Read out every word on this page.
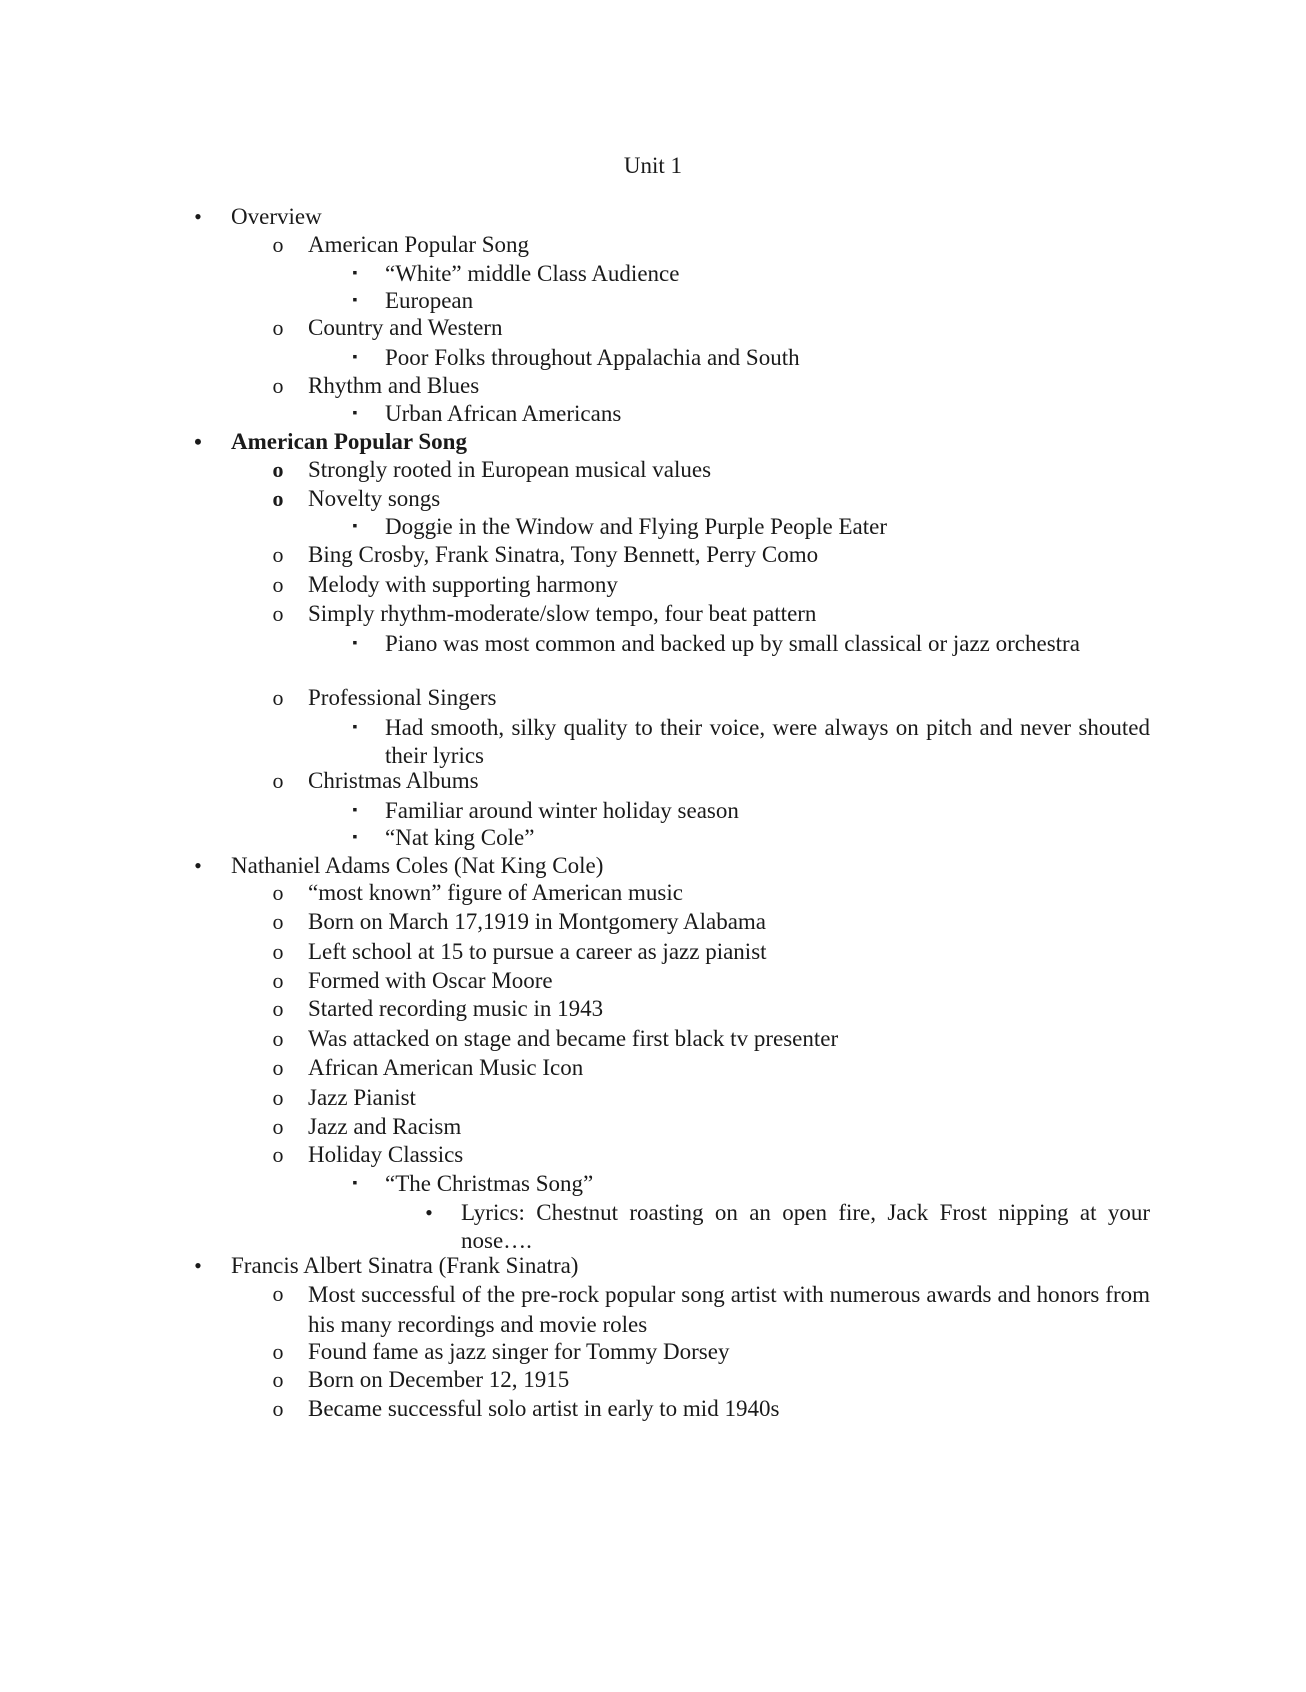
Unit 1
• Overview
o American Popular Song
▪ “White” middle Class Audience
▪ European
o Country and Western
▪ Poor Folks throughout Appalachia and South
o Rhythm and Blues
▪ Urban African Americans
• American Popular Song
o Strongly rooted in European musical values
o Novelty songs
▪ Doggie in the Window and Flying Purple People Eater
o Bing Crosby, Frank Sinatra, Tony Bennett, Perry Como
o Melody with supporting harmony
o Simply rhythm-moderate/slow tempo, four beat pattern
▪ Piano was most common and backed up by small classical or jazz orchestra
o Professional Singers
▪ Had smooth, silky quality to their voice, were always on pitch and never shouted their lyrics
o Christmas Albums
▪ Familiar around winter holiday season
▪ “Nat king Cole”
• Nathaniel Adams Coles (Nat King Cole)
o “most known” figure of American music
o Born on March 17,1919 in Montgomery Alabama
o Left school at 15 to pursue a career as jazz pianist
o Formed with Oscar Moore
o Started recording music in 1943
o Was attacked on stage and became first black tv presenter
o African American Music Icon
o Jazz Pianist
o Jazz and Racism
o Holiday Classics
▪ “The Christmas Song”
• Lyrics: Chestnut roasting on an open fire, Jack Frost nipping at your nose….
• Francis Albert Sinatra (Frank Sinatra)
o Most successful of the pre-rock popular song artist with numerous awards and honors from his many recordings and movie roles
o Found fame as jazz singer for Tommy Dorsey
o Born on December 12, 1915
o Became successful solo artist in early to mid 1940s
